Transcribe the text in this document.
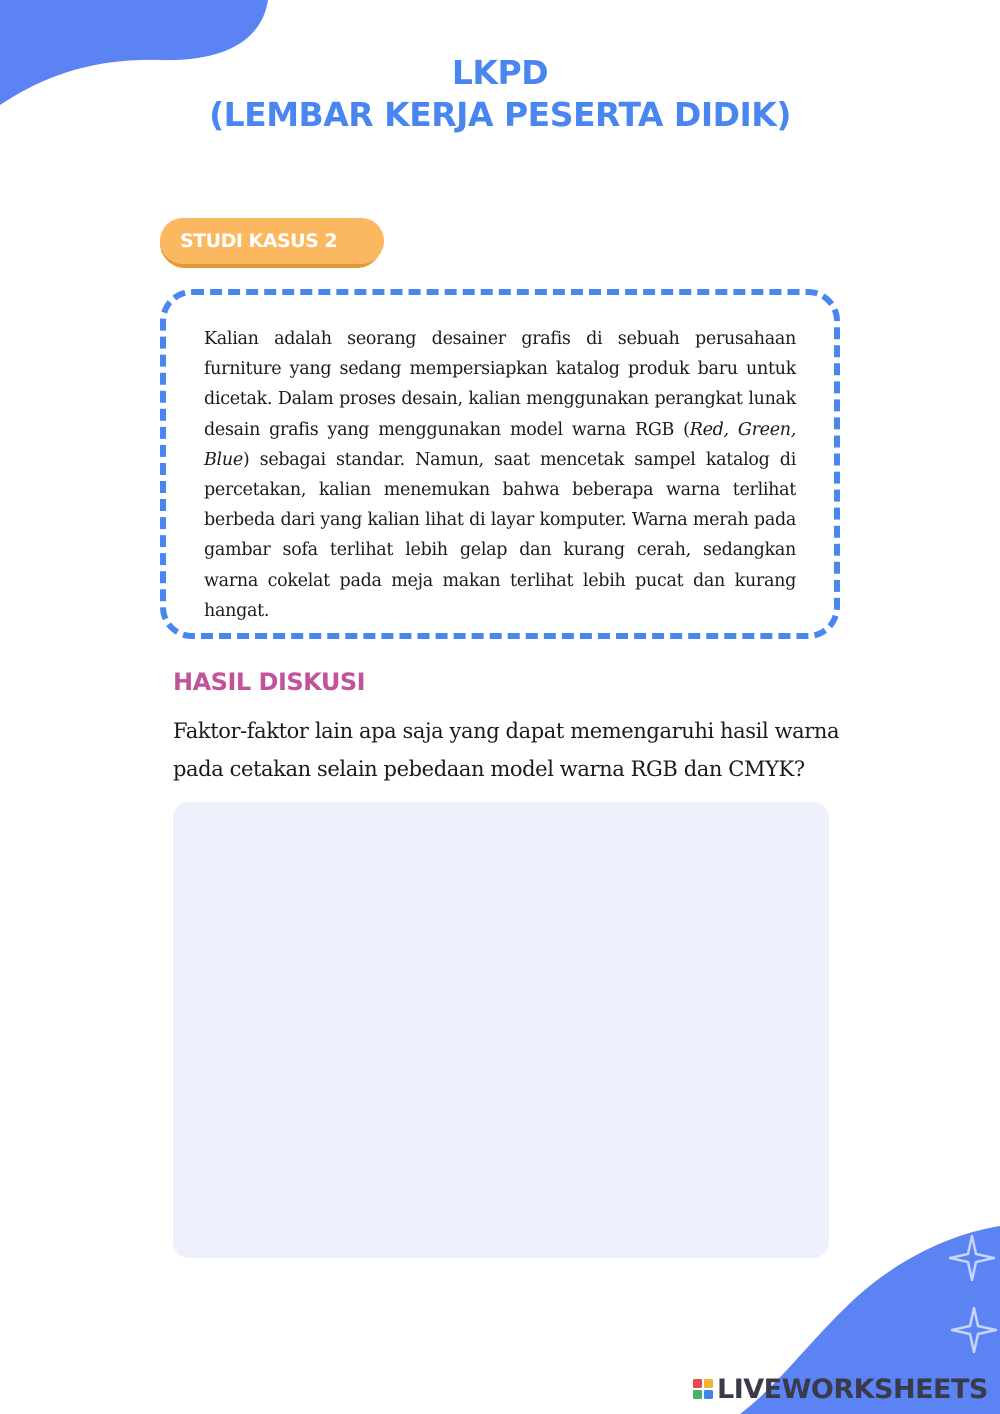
LKPD
(LEMBAR KERJA PESERTA DIDIK)
STUDI KASUS 2
Kalian adalah seorang desainer grafis di sebuah perusahaan furniture yang sedang mempersiapkan katalog produk baru untuk dicetak. Dalam proses desain, kalian menggunakan perangkat lunak desain grafis yang menggunakan model warna RGB (Red, Green, Blue) sebagai standar. Namun, saat mencetak sampel katalog di percetakan, kalian menemukan bahwa beberapa warna terlihat berbeda dari yang kalian lihat di layar komputer. Warna merah pada gambar sofa terlihat lebih gelap dan kurang cerah, sedangkan warna cokelat pada meja makan terlihat lebih pucat dan kurang hangat.
HASIL DISKUSI
Faktor-faktor lain apa saja yang dapat memengaruhi hasil warna pada cetakan selain pebedaan model warna RGB dan CMYK?
LIVEWORKSHEETS
